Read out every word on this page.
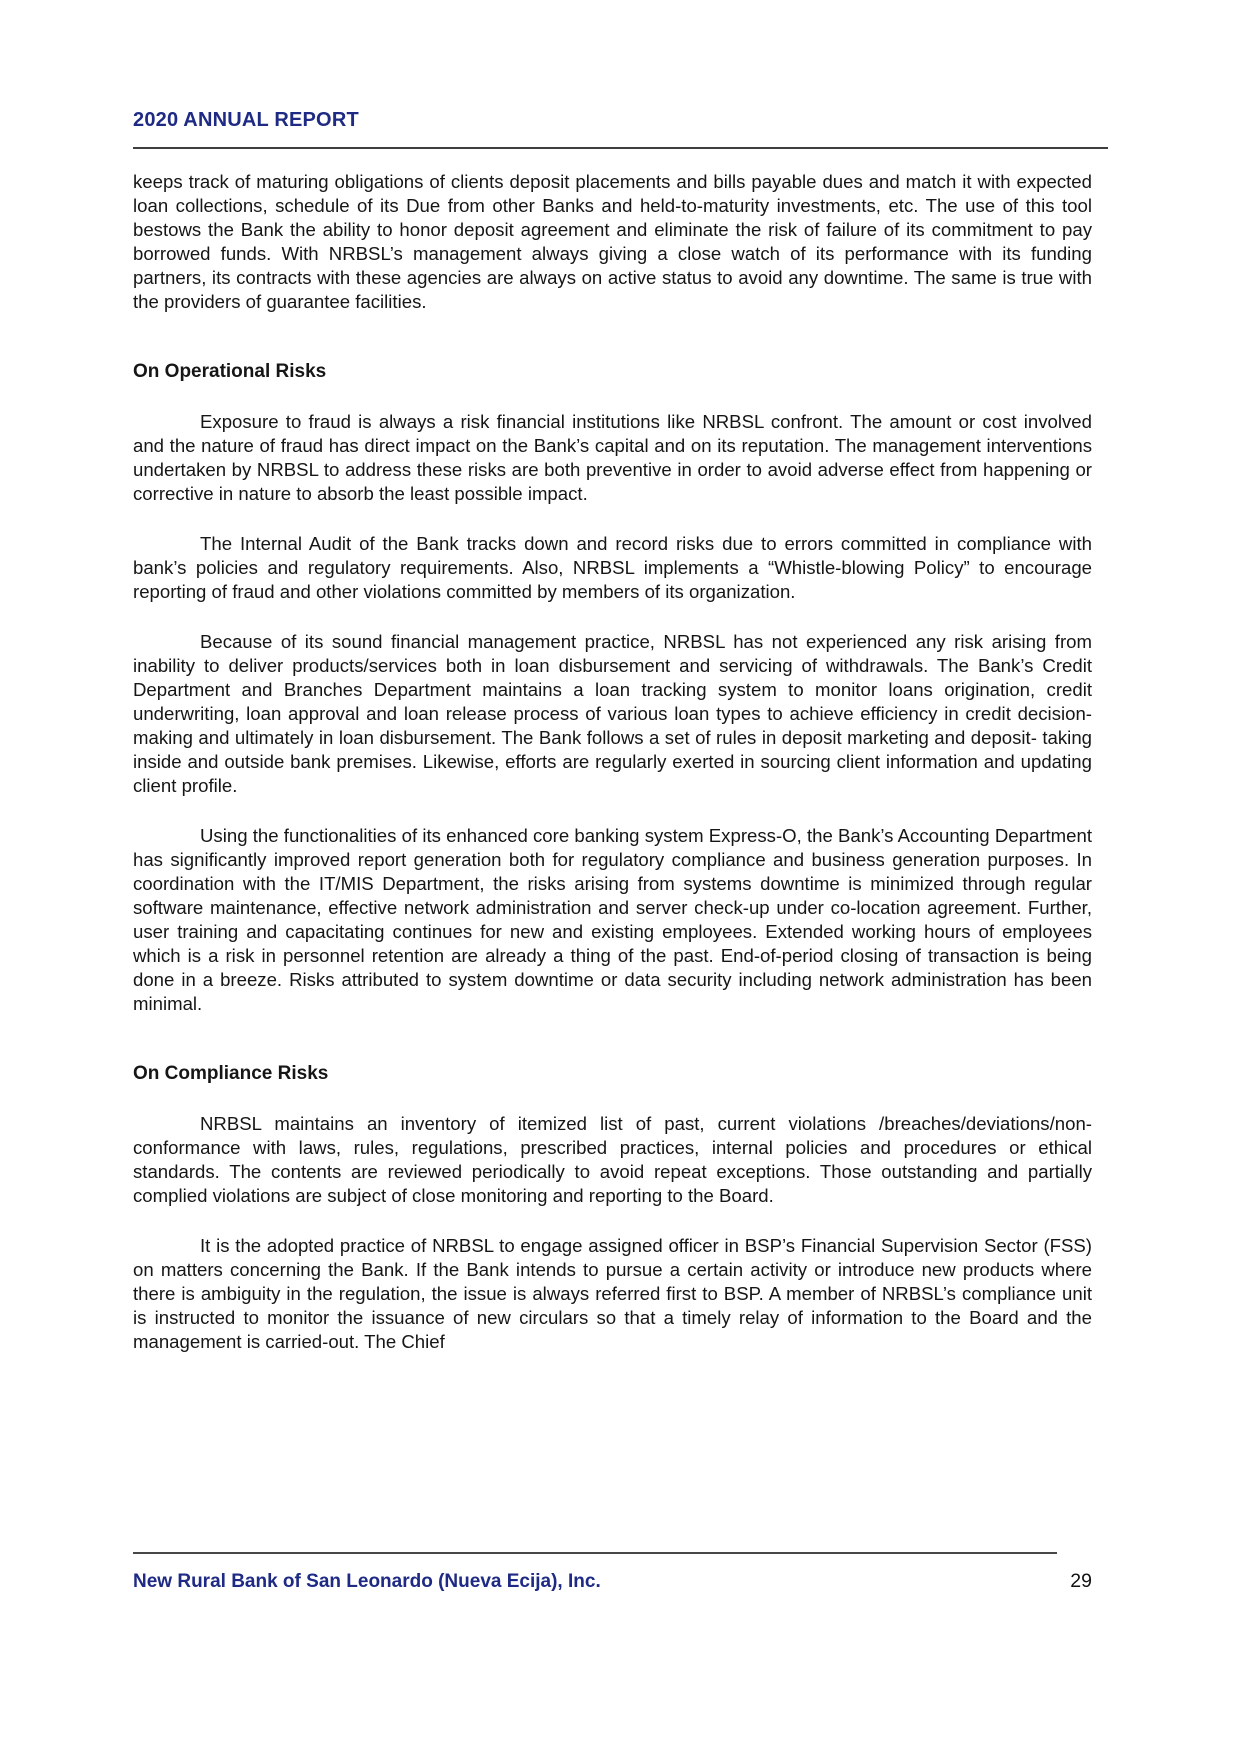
2020 ANNUAL REPORT

keeps track of maturing obligations of clients deposit placements and bills payable dues and match it with expected loan collections, schedule of its Due from other Banks and held-to-maturity investments, etc. The use of this tool bestows the Bank the ability to honor deposit agreement and eliminate the risk of failure of its commitment to pay borrowed funds. With NRBSL’s management always giving a close watch of its performance with its funding partners, its contracts with these agencies are always on active status to avoid any downtime. The same is true with the providers of guarantee facilities.

On Operational Risks

Exposure to fraud is always a risk financial institutions like NRBSL confront. The amount or cost involved and the nature of fraud has direct impact on the Bank’s capital and on its reputation. The management interventions undertaken by NRBSL to address these risks are both preventive in order to avoid adverse effect from happening or corrective in nature to absorb the least possible impact.

The Internal Audit of the Bank tracks down and record risks due to errors committed in compliance with bank’s policies and regulatory requirements. Also, NRBSL implements a “Whistle-blowing Policy” to encourage reporting of fraud and other violations committed by members of its organization.

Because of its sound financial management practice, NRBSL has not experienced any risk arising from inability to deliver products/services both in loan disbursement and servicing of withdrawals. The Bank’s Credit Department and Branches Department maintains a loan tracking system to monitor loans origination, credit underwriting, loan approval and loan release process of various loan types to achieve efficiency in credit decision-making and ultimately in loan disbursement. The Bank follows a set of rules in deposit marketing and deposit- taking inside and outside bank premises. Likewise, efforts are regularly exerted in sourcing client information and updating client profile.

Using the functionalities of its enhanced core banking system Express-O, the Bank’s Accounting Department has significantly improved report generation both for regulatory compliance and business generation purposes. In coordination with the IT/MIS Department, the risks arising from systems downtime is minimized through regular software maintenance, effective network administration and server check-up under co-location agreement. Further, user training and capacitating continues for new and existing employees. Extended working hours of employees which is a risk in personnel retention are already a thing of the past. End-of-period closing of transaction is being done in a breeze. Risks attributed to system downtime or data security including network administration has been minimal.

On Compliance Risks

NRBSL maintains an inventory of itemized list of past, current violations /breaches/deviations/non-conformance with laws, rules, regulations, prescribed practices, internal policies and procedures or ethical standards. The contents are reviewed periodically to avoid repeat exceptions. Those outstanding and partially complied violations are subject of close monitoring and reporting to the Board.

It is the adopted practice of NRBSL to engage assigned officer in BSP’s Financial Supervision Sector (FSS) on matters concerning the Bank. If the Bank intends to pursue a certain activity or introduce new products where there is ambiguity in the regulation, the issue is always referred first to BSP. A member of NRBSL’s compliance unit is instructed to monitor the issuance of new circulars so that a timely relay of information to the Board and the management is carried-out. The Chief

New Rural Bank of San Leonardo (Nueva Ecija), Inc.	29
